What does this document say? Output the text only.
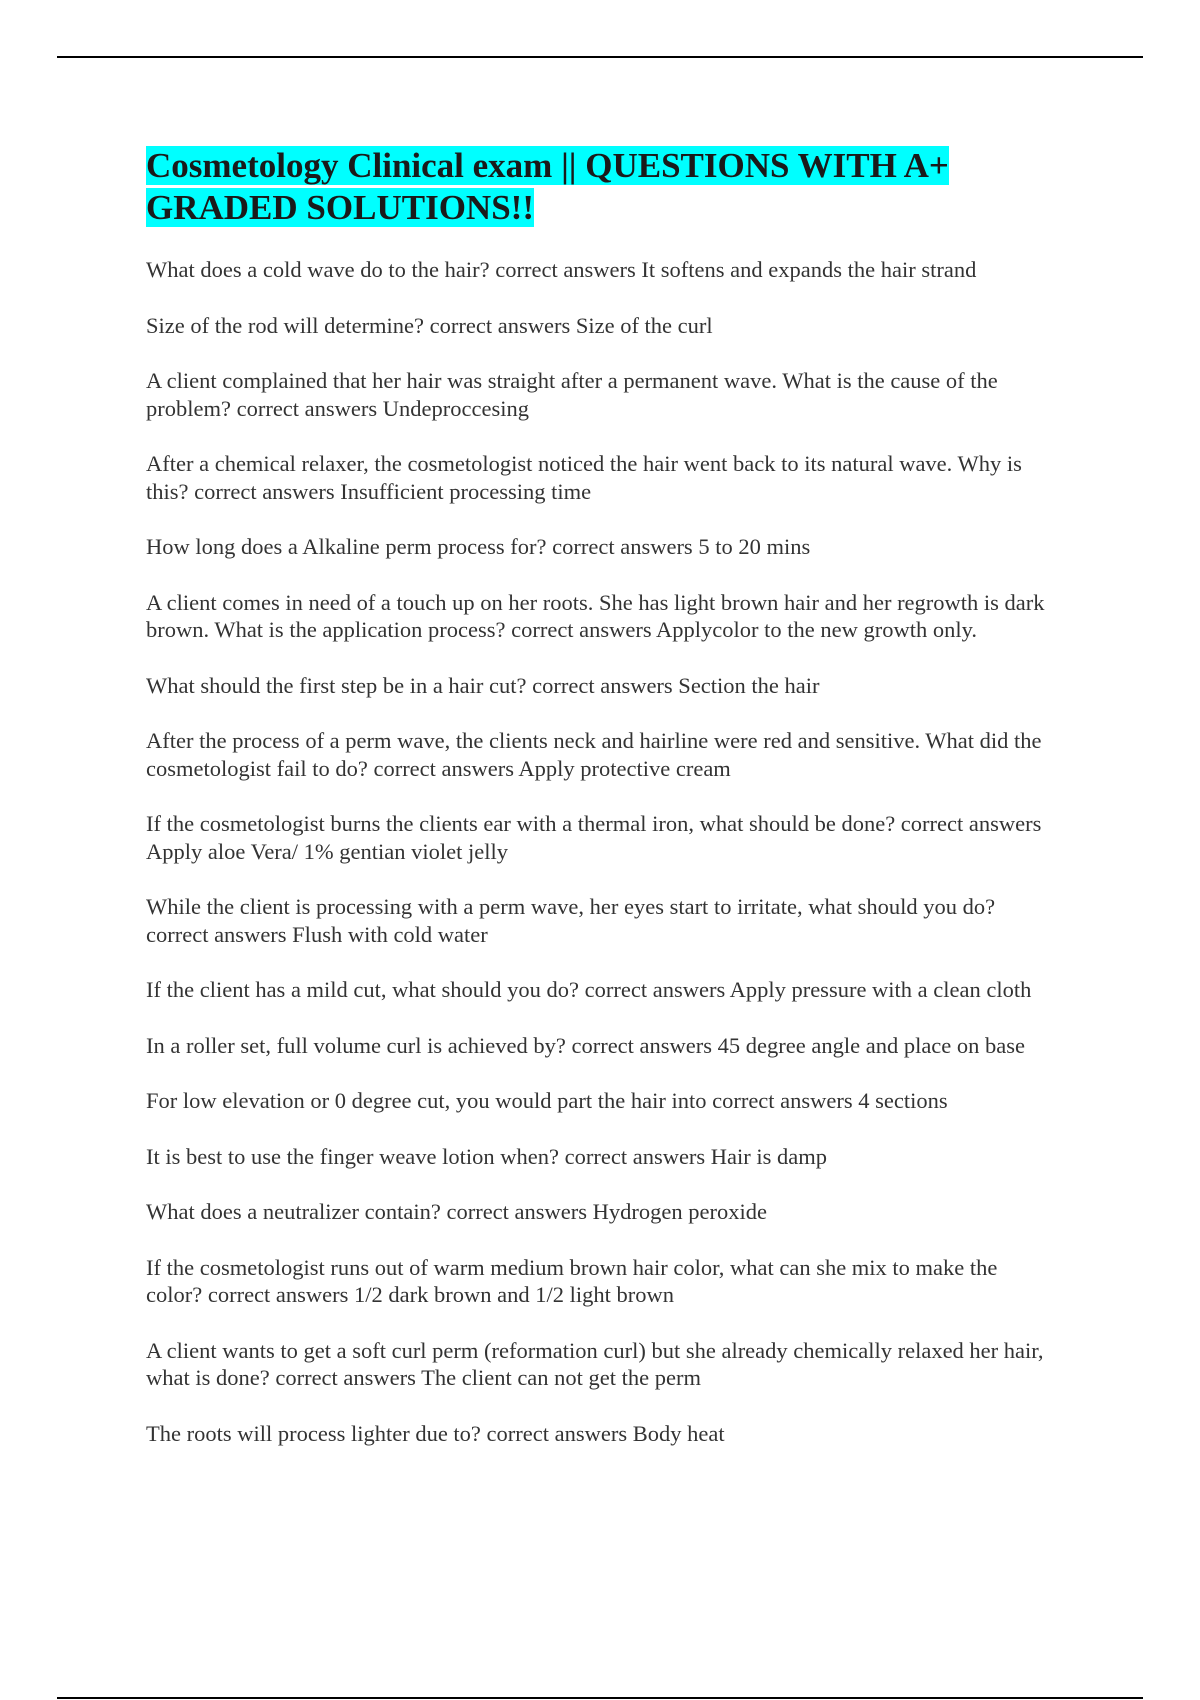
Cosmetology Clinical exam || QUESTIONS WITH A+ GRADED SOLUTIONS!!
What does a cold wave do to the hair? correct answers It softens and expands the hair strand
Size of the rod will determine? correct answers Size of the curl
A client complained that her hair was straight after a permanent wave. What is the cause of the problem? correct answers Undeproccesing
After a chemical relaxer, the cosmetologist noticed the hair went back to its natural wave. Why is this? correct answers Insufficient processing time
How long does a Alkaline perm process for? correct answers 5 to 20 mins
A client comes in need of a touch up on her roots. She has light brown hair and her regrowth is dark brown. What is the application process? correct answers Applycolor to the new growth only.
What should the first step be in a hair cut? correct answers Section the hair
After the process of a perm wave, the clients neck and hairline were red and sensitive. What did the cosmetologist fail to do? correct answers Apply protective cream
If the cosmetologist burns the clients ear with a thermal iron, what should be done? correct answers Apply aloe Vera/ 1% gentian violet jelly
While the client is processing with a perm wave, her eyes start to irritate, what should you do? correct answers Flush with cold water
If the client has a mild cut, what should you do? correct answers Apply pressure with a clean cloth
In a roller set, full volume curl is achieved by? correct answers 45 degree angle and place on base
For low elevation or 0 degree cut, you would part the hair into correct answers 4 sections
It is best to use the finger weave lotion when? correct answers Hair is damp
What does a neutralizer contain? correct answers Hydrogen peroxide
If the cosmetologist runs out of warm medium brown hair color, what can she mix to make the color? correct answers 1/2 dark brown and 1/2 light brown
A client wants to get a soft curl perm (reformation curl) but she already chemically relaxed her hair, what is done? correct answers The client can not get the perm
The roots will process lighter due to? correct answers Body heat
